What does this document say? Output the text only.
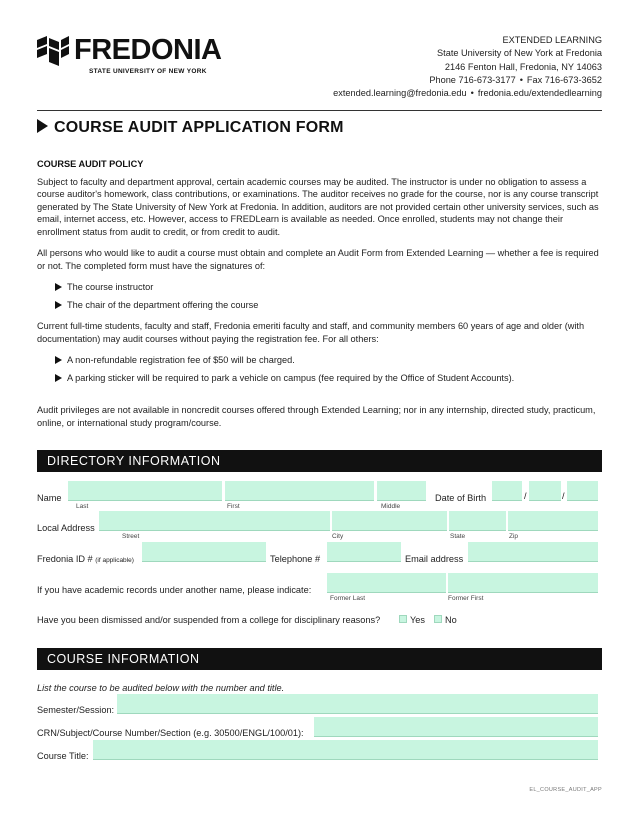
FREDONIA
STATE UNIVERSITY OF NEW YORK
EXTENDED LEARNING
State University of New York at Fredonia
2146 Fenton Hall, Fredonia, NY 14063
Phone 716-673-3177 • Fax 716-673-3652
extended.learning@fredonia.edu • fredonia.edu/extendedlearning
COURSE AUDIT APPLICATION FORM
COURSE AUDIT POLICY

Subject to faculty and department approval, certain academic courses may be audited. The instructor is under no obligation to assess a course auditor's homework, class contributions, or examinations. The auditor receives no grade for the course, nor is any course transcript generated by The State University of New York at Fredonia. In addition, auditors are not provided certain other university services, such as email, internet access, etc. However, access to FREDLearn is available as needed. Once enrolled, students may not change their enrollment status from audit to credit, or from credit to audit.

All persons who would like to audit a course must obtain and complete an Audit Form from Extended Learning — whether a fee is required or not. The completed form must have the signatures of:

The course instructor
The chair of the department offering the course

Current full-time students, faculty and staff, Fredonia emeriti faculty and staff, and community members 60 years of age and older (with documentation) may audit courses without paying the registration fee. For all others:

A non-refundable registration fee of $50 will be charged.
A parking sticker will be required to park a vehicle on campus (fee required by the Office of Student Accounts).

Audit privileges are not available in noncredit courses offered through Extended Learning; nor in any internship, directed study, practicum, online, or international study program/course.

DIRECTORY INFORMATION
Name
Last	First	Middle
Date of Birth	/	/
Local Address
Street	City	State	Zip
Fredonia ID # (if applicable)	Telephone #	Email address
If you have academic records under another name, please indicate:
Former Last	Former First
Have you been dismissed and/or suspended from a college for disciplinary reasons?	Yes No
COURSE INFORMATION
List the course to be audited below with the number and title.
Semester/Session:
CRN/Subject/Course Number/Section (e.g. 30500/ENGL/100/01):
Course Title:
EL_COURSE_AUDIT_APP
